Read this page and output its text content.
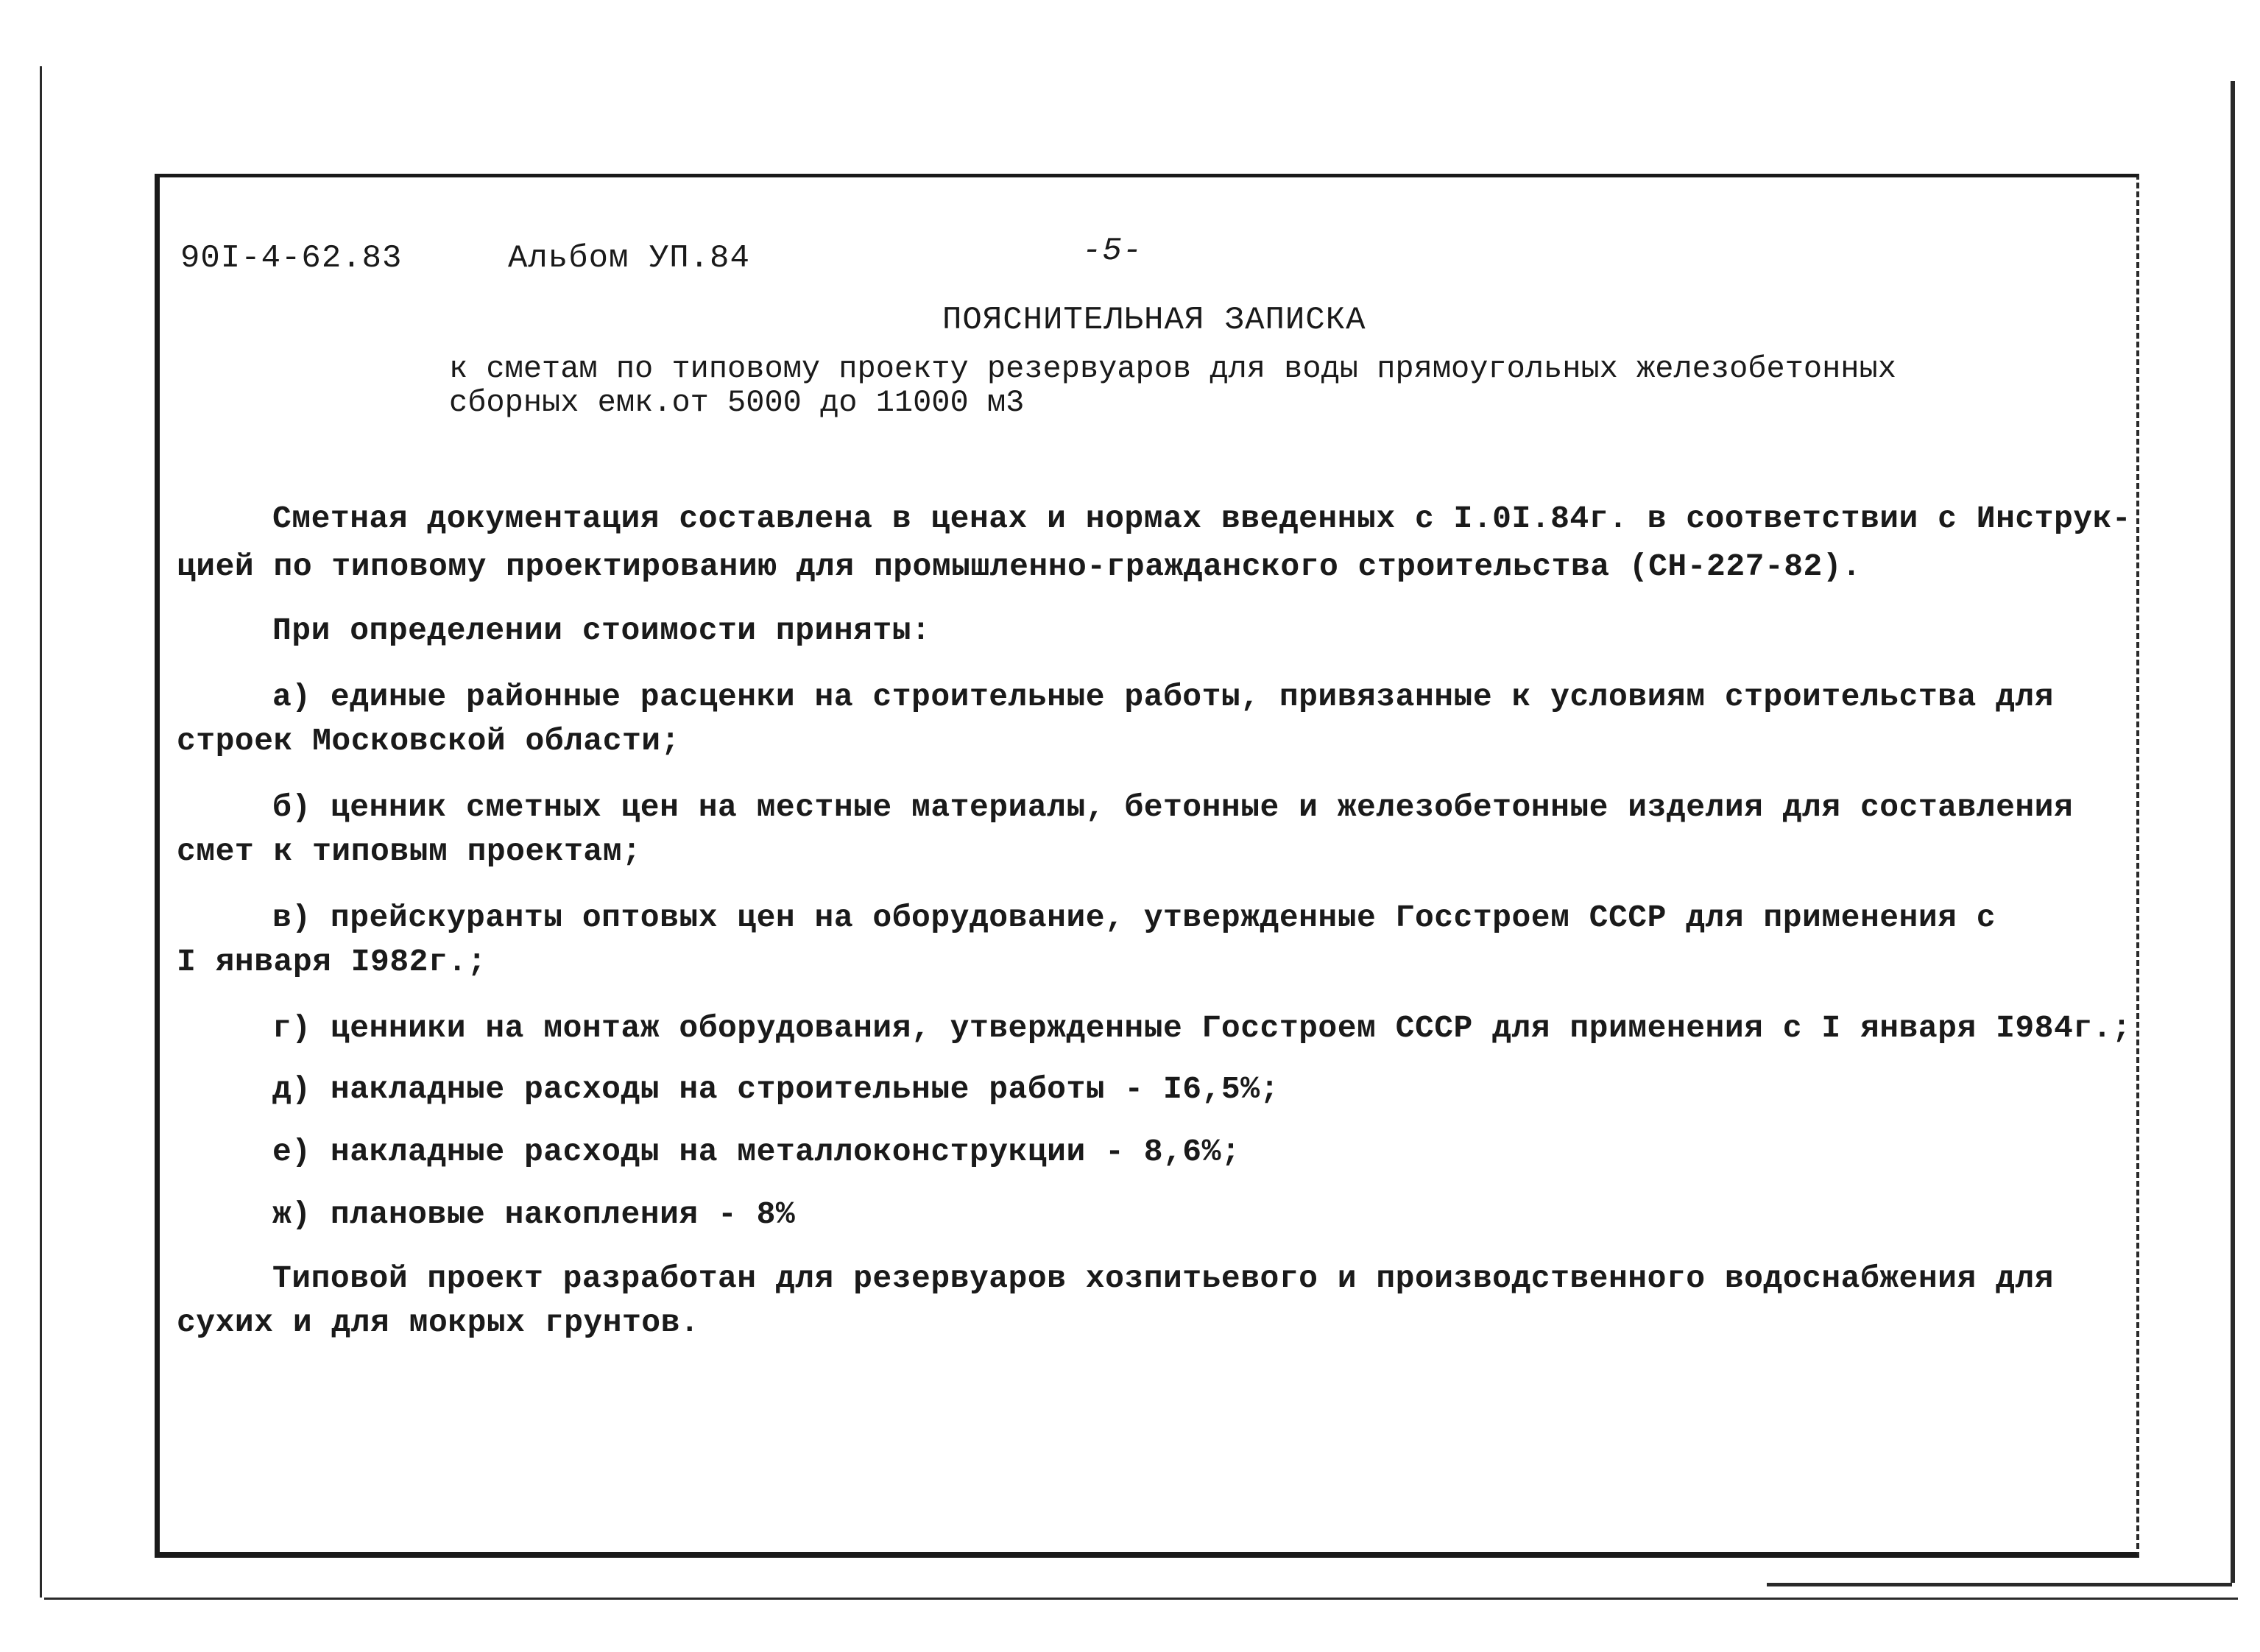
90I-4-62.83	Альбом УП.84	-5-
ПОЯСНИТЕЛЬНАЯ ЗАПИСКА
к сметам по типовому проекту резервуаров для воды прямоугольных железобетонных
сборных емк.от 5000 до 11000 м3
Сметная документация составлена в ценах и нормах введенных с I.0I.84г. в соответствии с Инструк-
цией по типовому проектированию для промышленно-гражданского строительства (СН-227-82).
При определении стоимости приняты:
а) единые районные расценки на строительные работы, привязанные к условиям строительства для
строек Московской области;
б) ценник сметных цен на местные материалы, бетонные и железобетонные изделия для составления
смет к типовым проектам;
в) прейскуранты оптовых цен на оборудование, утвержденные Госстроем СССР для применения с
I января I982г.;
г) ценники на монтаж оборудования, утвержденные Госстроем СССР для применения с I января I984г.;
д) накладные расходы на строительные работы - I6,5%;
е) накладные расходы на металлоконструкции - 8,6%;
ж) плановые накопления - 8%
Типовой проект разработан для резервуаров хозпитьевого и производственного водоснабжения для
сухих и для мокрых грунтов.
